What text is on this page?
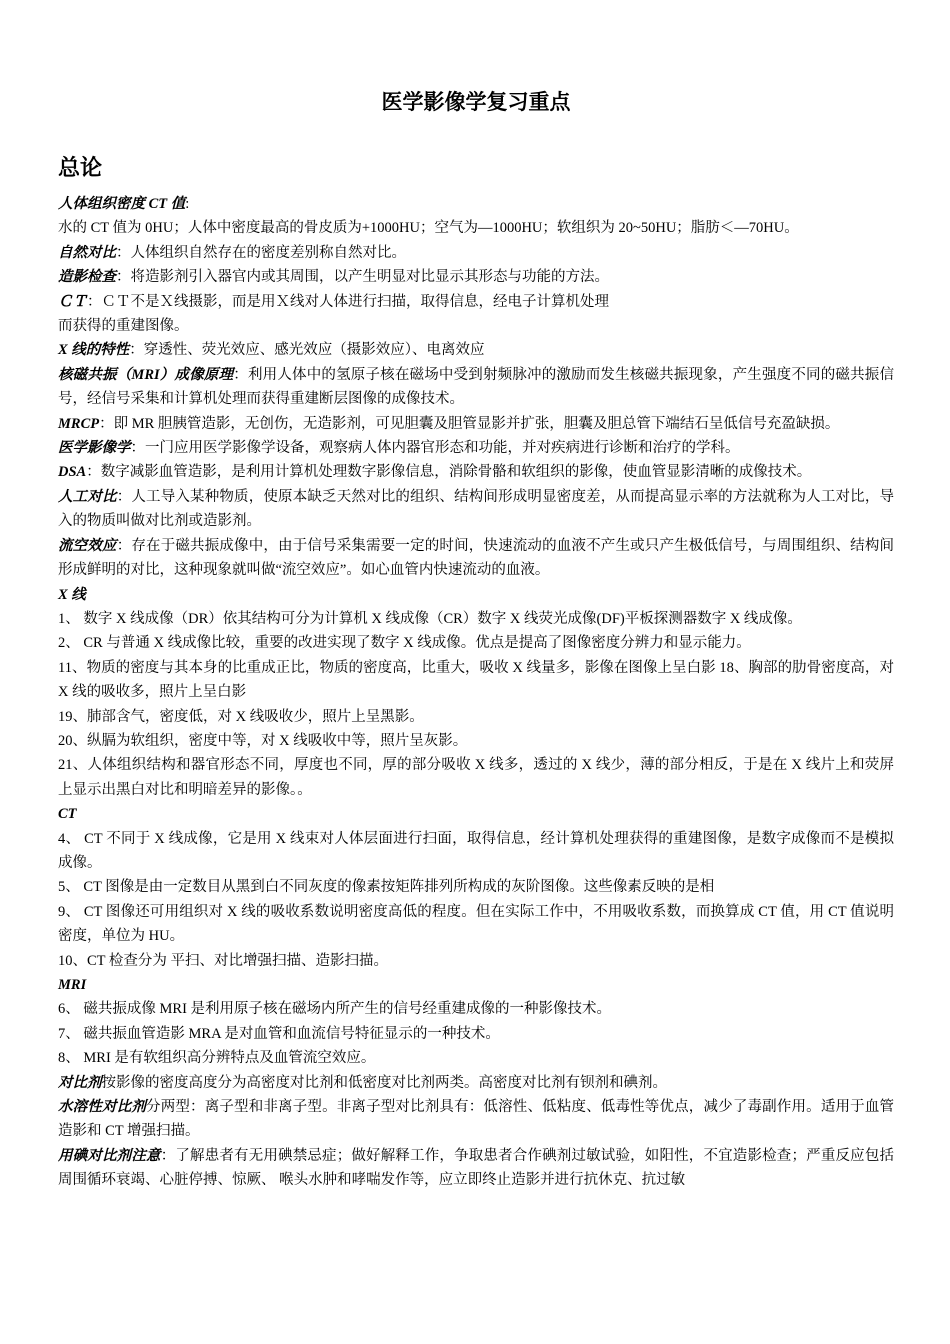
医学影像学复习重点
总论

人体组织密度 CT 值:

水的 CT 值为 0HU；人体中密度最高的骨皮质为+1000HU；空气为—1000HU；软组织为 20~50HU；脂肪＜—70HU。

自然对比：人体组织自然存在的密度差别称自然对比。

造影检查：将造影剂引入器官内或其周围，以产生明显对比显示其形态与功能的方法。

ＣＴ：ＣＴ不是Ｘ线摄影，而是用Ｘ线对人体进行扫描，取得信息，经电子计算机处理

而获得的重建图像。

X 线的特性：穿透性、荧光效应、感光效应（摄影效应）、电离效应

核磁共振（MRI）成像原理：利用人体中的氢原子核在磁场中受到射频脉冲的激励而发生核磁共振现象，产生强度不同的磁共振信号，经信号采集和计算机处理而获得重建断层图像的成像技术。

MRCP：即 MR 胆胰管造影，无创伤，无造影剂，可见胆囊及胆管显影并扩张，胆囊及胆总管下端结石呈低信号充盈缺损。

医学影像学：一门应用医学影像学设备，观察病人体内器官形态和功能，并对疾病进行诊断和治疗的学科。

DSA：数字减影血管造影，是利用计算机处理数字影像信息，消除骨骼和软组织的影像，使血管显影清晰的成像技术。

人工对比：人工导入某种物质，使原本缺乏天然对比的组织、结构间形成明显密度差，从而提高显示率的方法就称为人工对比，导入的物质叫做对比剂或造影剂。

流空效应：存在于磁共振成像中，由于信号采集需要一定的时间，快速流动的血液不产生或只产生极低信号，与周围组织、结构间形成鲜明的对比，这种现象就叫做“流空效应”。如心血管内快速流动的血液。

X 线

1、 数字 X 线成像（DR）依其结构可分为计算机 X 线成像（CR）数字 X 线荧光成像(DF)平板探测器数字 X 线成像。

2、 CR 与普通 X 线成像比较，重要的改进实现了数字 X 线成像。优点是提高了图像密度分辨力和显示能力。

11、物质的密度与其本身的比重成正比，物质的密度高，比重大，吸收 X 线量多，影像在图像上呈白影 18、胸部的肋骨密度高，对 X 线的吸收多，照片上呈白影

19、肺部含气，密度低，对 X 线吸收少，照片上呈黑影。

20、纵膈为软组织，密度中等，对 X 线吸收中等，照片呈灰影。

21、人体组织结构和器官形态不同，厚度也不同，厚的部分吸收 X 线多，透过的 X 线少，薄的部分相反，于是在 X 线片上和荧屏上显示出黑白对比和明暗差异的影像。。

CT

4、 CT 不同于 X 线成像，它是用 X 线束对人体层面进行扫面，取得信息，经计算机处理获得的重建图像，是数字成像而不是模拟成像。

5、 CT 图像是由一定数目从黑到白不同灰度的像素按矩阵排列所构成的灰阶图像。这些像素反映的是相

9、 CT 图像还可用组织对 X 线的吸收系数说明密度高低的程度。但在实际工作中，不用吸收系数，而换算成 CT 值，用 CT 值说明密度，单位为 HU。

10、CT 检查分为 平扫、对比增强扫描、造影扫描。

MRI

6、 磁共振成像 MRI 是利用原子核在磁场内所产生的信号经重建成像的一种影像技术。

7、 磁共振血管造影 MRA 是对血管和血流信号特征显示的一种技术。

8、 MRI 是有软组织高分辨特点及血管流空效应。

对比剂按影像的密度高度分为高密度对比剂和低密度对比剂两类。高密度对比剂有钡剂和碘剂。

水溶性对比剂分两型：离子型和非离子型。非离子型对比剂具有：低溶性、低粘度、低毒性等优点，减少了毒副作用。适用于血管造影和 CT 增强扫描。

用碘对比剂注意：了解患者有无用碘禁忌症；做好解释工作，争取患者合作碘剂过敏试验，如阳性，不宜造影检查；严重反应包括周围循环衰竭、心脏停搏、惊厥、 喉头水肿和哮喘发作等，应立即终止造影并进行抗休克、抗过敏
